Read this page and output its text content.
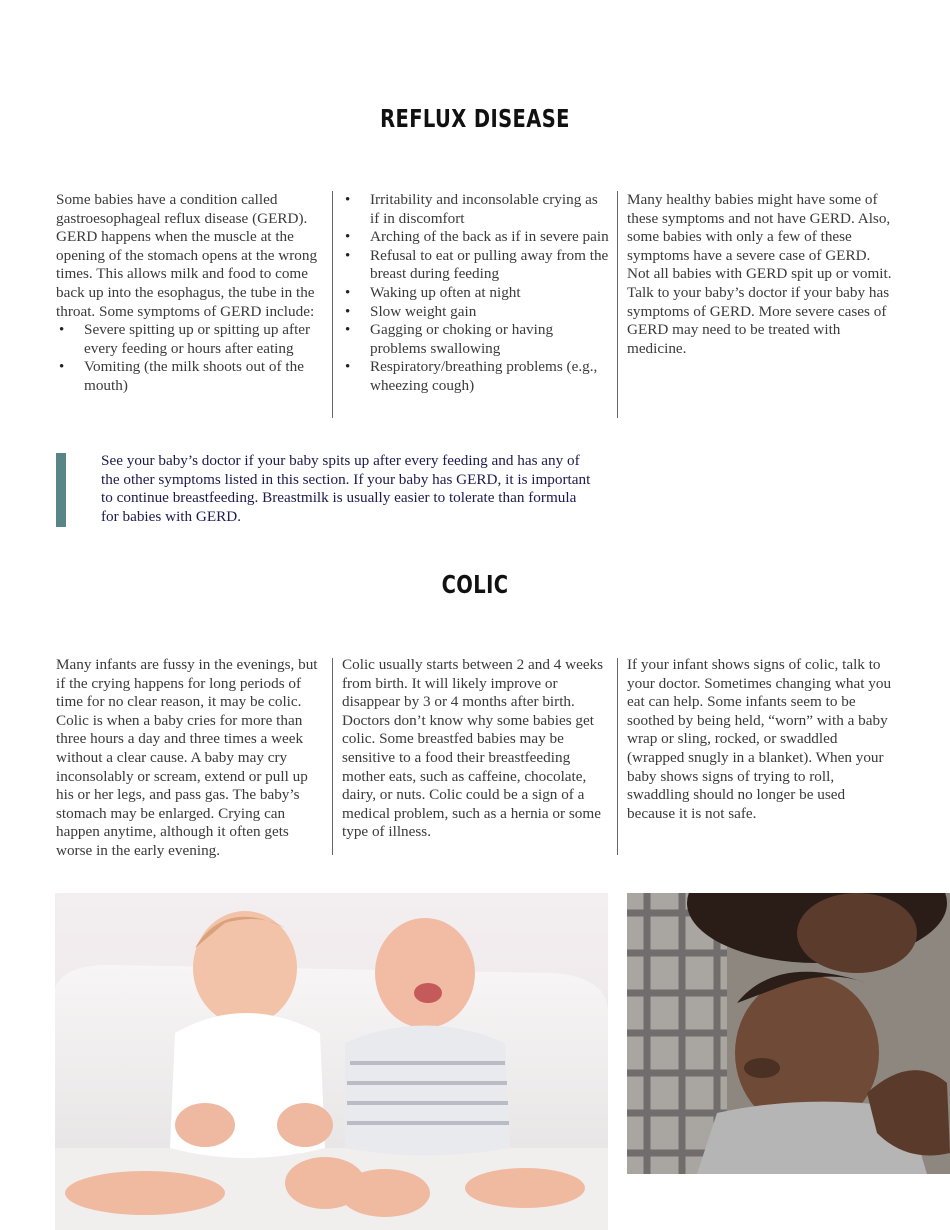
REFLUX DISEASE

Some babies have a condition called gastroesophageal reflux disease (GERD). GERD happens when the muscle at the opening of the stomach opens at the wrong times. This allows milk and food to come back up into the esophagus, the tube in the throat. Some symptoms of GERD include:

• Severe spitting up or spitting up after every feeding or hours after eating
• Vomiting (the milk shoots out of the mouth)
• Irritability and inconsolable crying as if in discomfort
• Arching of the back as if in severe pain
• Refusal to eat or pulling away from the breast during feeding
• Waking up often at night
• Slow weight gain
• Gagging or choking or having problems swallowing
• Respiratory/breathing problems (e.g., wheezing cough)

Many healthy babies might have some of these symptoms and not have GERD. Also, some babies with only a few of these symptoms have a severe case of GERD. Not all babies with GERD spit up or vomit. Talk to your baby’s doctor if your baby has symptoms of GERD. More severe cases of GERD may need to be treated with medicine.

See your baby’s doctor if your baby spits up after every feeding and has any of the other symptoms listed in this section. If your baby has GERD, it is important to continue breastfeeding. Breastmilk is usually easier to tolerate than formula for babies with GERD.

COLIC

Many infants are fussy in the evenings, but if the crying happens for long periods of time for no clear reason, it may be colic. Colic is when a baby cries for more than three hours a day and three times a week without a clear cause. A baby may cry inconsolably or scream, extend or pull up his or her legs, and pass gas. The baby’s stomach may be enlarged. Crying can happen anytime, although it often gets worse in the early evening.

Colic usually starts between 2 and 4 weeks from birth. It will likely improve or disappear by 3 or 4 months after birth. Doctors don’t know why some babies get colic. Some breastfed babies may be sensitive to a food their breastfeeding mother eats, such as caffeine, chocolate, dairy, or nuts. Colic could be a sign of a medical problem, such as a hernia or some type of illness.

If your infant shows signs of colic, talk to your doctor. Sometimes changing what you eat can help. Some infants seem to be soothed by being held, “worn” with a baby wrap or sling, rocked, or swaddled (wrapped snugly in a blanket). When your baby shows signs of trying to roll, swaddling should no longer be used because it is not safe.
